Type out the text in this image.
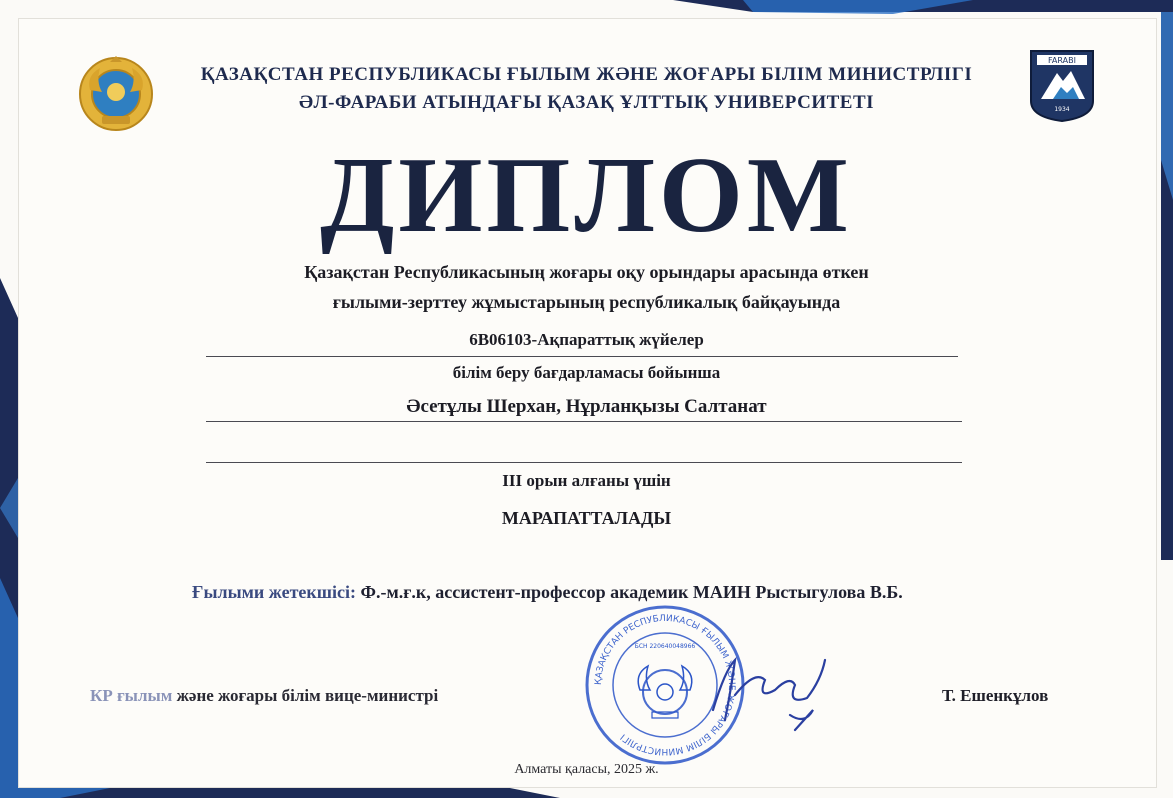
FARABI
1934
ҚАЗАҚСТАН РЕСПУБЛИКАСЫ ҒЫЛЫМ ЖӘНЕ ЖОҒАРЫ БІЛІМ МИНИСТРЛІГІ
ӘЛ-ФАРАБИ АТЫНДАҒЫ ҚАЗАҚ ҰЛТТЫҚ УНИВЕРСИТЕТІ
ДИПЛОМ
Қазақстан Республикасының жоғары оқу орындары арасында өткен
ғылыми-зерттеу жұмыстарының республикалық байқауында
6В06103-Ақпараттық жүйелер
білім беру бағдарламасы бойынша
Әсетұлы Шерхан, Нұрланқызы Салтанат
ІІІ орын алғаны үшін
МАРАПАТТАЛАДЫ
Ғылыми жетекшісі: Ф.-м.ғ.к, ассистент-профессор академик МАИН Рыстыгулова В.Б.
КР ғылым және жоғары білім вице-министрі
ҚАЗАҚСТАН РЕСПУБЛИКАСЫ ҒЫЛЫМ ЖӘНЕ ЖОҒАРЫ БІЛІМ МИНИСТРЛІГІ
БСН 220640048966
Т. Ешенкұлов
Алматы қаласы, 2025 ж.
